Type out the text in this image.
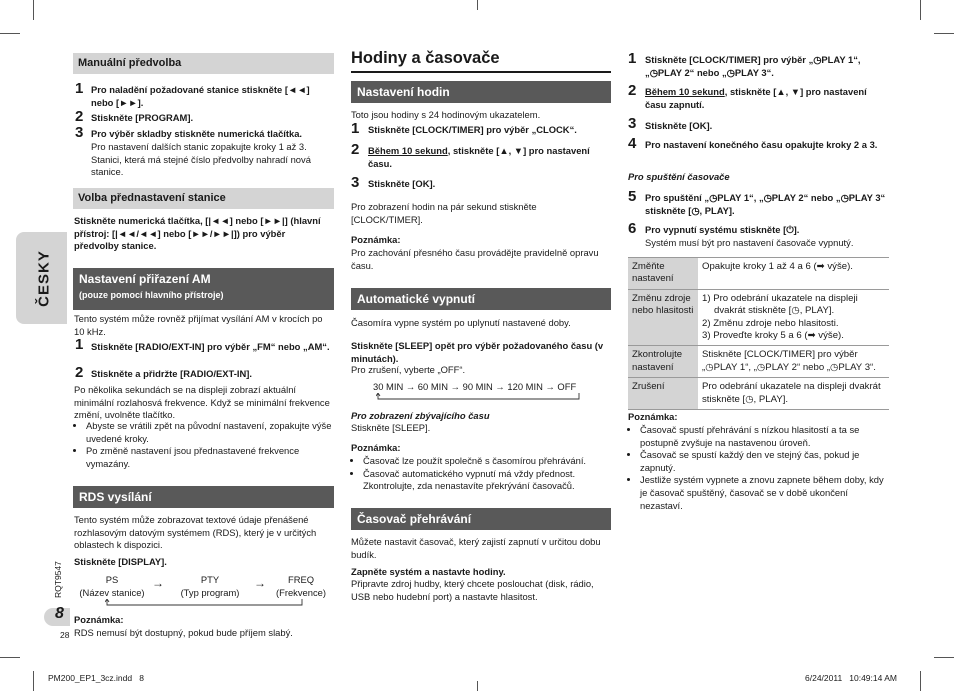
Manuální předvolba
1 Pro naladění požadované stanice stiskněte [◄◄] nebo [►►].
2 Stiskněte [PROGRAM].
3 Pro výběr skladby stiskněte numerická tlačítka.
Pro nastavení dalších stanic zopakujte kroky 1 až 3. Stanici, která má stejné číslo předvolby nahradí nová stanice.
Volba přednastavení stanice
Stiskněte numerická tlačítka, [|◄◄] nebo [►►|] (hlavní přístroj: [|◄◄/◄◄] nebo [►►/►►|]) pro výběr předvolby stanice.
ČESKY Nastavení přiřazení AM
(pouze pomocí hlavního přístroje)
Tento systém může rovněž přijímat vysílání AM v krocích po 10 kHz.
1 Stiskněte [RADIO/EXT-IN] pro výběr „FM“ nebo „AM“.
2 Stiskněte a přidržte [RADIO/EXT-IN].
Po několika sekundách se na displeji zobrazí aktuální minimální rozlahosvá frekvence. Když se minimální frekvence změní, uvolněte tlačítko.
• Abyste se vrátili zpět na původní nastavení, zopakujte výše uvedené kroky.
• Po změně nastavení jsou přednastavené frekvence vymazány.
RDS vysílání
Tento systém může zobrazovat textové údaje přenášené rozhlasovým datovým systémem (RDS), který je v určitých oblastech k dispozici.
Stiskněte [DISPLAY].
PS
(Název stanice)
→	PTY
(Typ program)
→	FREQ
(Frekvence)
Poznámka:
RDS nemusí být dostupný, pokud bude příjem slabý.
RQT9547
8
28
PM200_EP1_3cz.indd   8
Hodiny a časovače
Nastavení hodin
Toto jsou hodiny s 24 hodinovým ukazatelem.
1 Stiskněte [CLOCK/TIMER] pro výběr „CLOCK“.
2 Během 10 sekund, stiskněte [▲, ▼] pro nastavení času.
3 Stiskněte [OK].
Pro zobrazení hodin na pár sekund stiskněte [CLOCK/TIMER].
Poznámka:
Pro zachování přesného času provádějte pravidelně opravu času.
Automatické vypnutí
Časomíra vypne systém po uplynutí nastavené doby.
Stiskněte [SLEEP] opět pro výběr požadovaného času (v minutách).
Pro zrušení, vyberte „OFF“.
30 MIN → 60 MIN → 90 MIN → 120 MIN → OFF
Pro zobrazení zbývajícího času
Stiskněte [SLEEP].
Poznámka:
• Časovač lze použít společně s časomírou přehrávání.
• Časovač automatického vypnutí má vždy přednost. Zkontrolujte, zda nenastavíte překrývání časovačů.
Časovač přehrávání
Můžete nastavit časovač, který zajistí zapnutí v určitou dobu budík.
Zapněte systém a nastavte hodiny.
Připravte zdroj hudby, který chcete poslouchat (disk, rádio, USB nebo hudební port) a nastavte hlasitost.
1 Stiskněte [CLOCK/TIMER] pro výběr „◷PLAY 1“, „◷PLAY 2“ nebo „◷PLAY 3“.
2 Během 10 sekund, stiskněte [▲, ▼] pro nastavení času zapnutí.
3 Stiskněte [OK].
4 Pro nastavení konečného času opakujte kroky 2 a 3.
Pro spuštění časovače
5 Pro spuštění „◷PLAY 1“, „◷PLAY 2“ nebo „◷PLAY 3“ stiskněte [◷, PLAY].
6 Pro vypnutí systému stiskněte [⏻].
Systém musí být pro nastavení časovače vypnutý.
Změňte nastavení	Opakujte kroky 1 až 4 a 6 (➡ výše).
Změnu zdroje nebo hlasitosti	1) Pro odebrání ukazatele na displeji dvakrát stiskněte [◷, PLAY].
2) Změnu zdroje nebo hlasitosti.
3) Proveďte kroky 5 a 6 (➡ výše).

Zkontrolujte nastavení	Stiskněte [CLOCK/TIMER] pro výběr „◷PLAY 1“, „◷PLAY 2“ nebo „◷PLAY 3“.
Zrušení	Pro odebrání ukazatele na displeji dvakrát stiskněte [◷, PLAY].
Poznámka:
• Časovač spustí přehrávání s nízkou hlasitostí a ta se postupně zvyšuje na nastavenou úroveň.
• Časovač se spustí každý den ve stejný čas, pokud je zapnutý.
• Jestliže systém vypnete a znovu zapnete během doby, kdy je časovač spuštěný, časovač se v době ukončení nezastaví.
6/24/2011   10:49:14 AM
